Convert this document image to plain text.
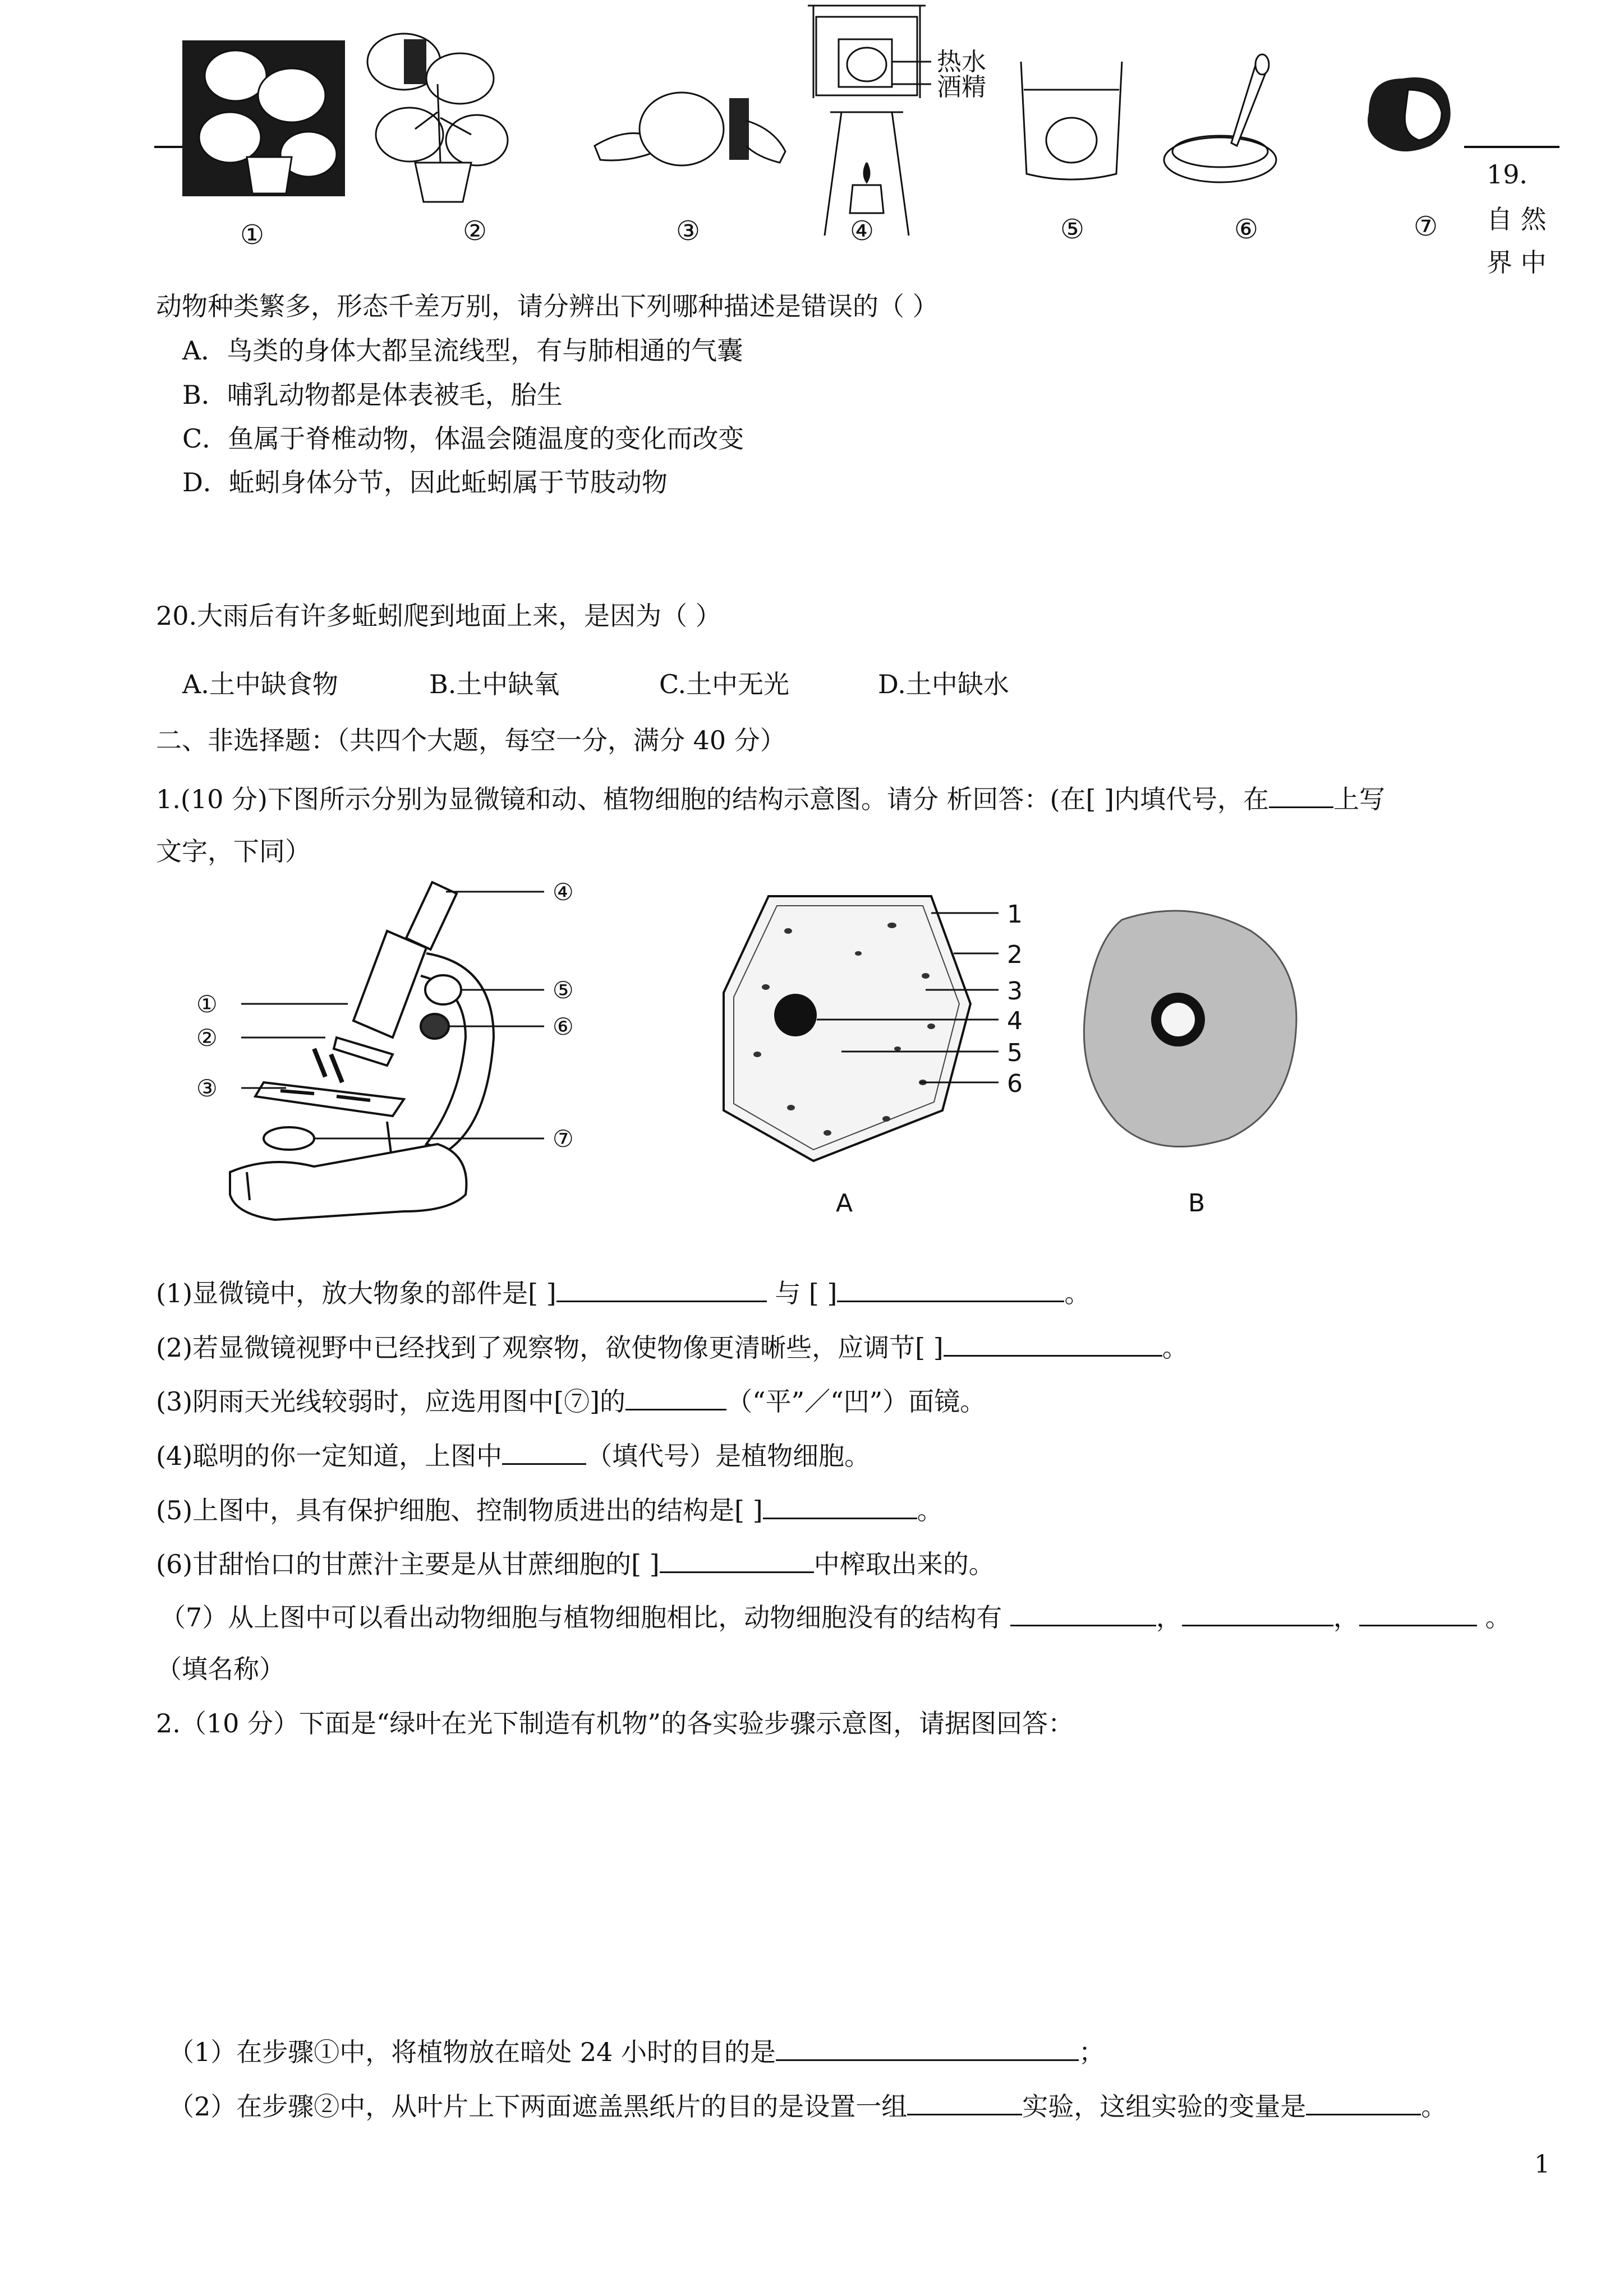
热水
酒精
①	②	③	④	⑤	⑥	⑦
19．
自 然
界 中
动物种类繁多，形态千差万别，请分辨出下列哪种描述是错误的（ ）
A．鸟类的身体大都呈流线型，有与肺相通的气囊
B．哺乳动物都是体表被毛，胎生
C．鱼属于脊椎动物，体温会随温度的变化而改变
D．蚯蚓身体分节，因此蚯蚓属于节肢动物
20.大雨后有许多蚯蚓爬到地面上来，是因为（ ）
A.土中缺食物	B.土中缺氧	C.土中无光	D.土中缺水
二、非选择题：（共四个大题，每空一分，满分 40 分）
1.(10 分)下图所示分别为显微镜和动、植物细胞的结构示意图。请分 析回答：(在[ ]内填代号，在	上写
文字，下同）
④
①
②
③
⑤
⑥
⑦
1
2
3
4
5
6
A	B
(1)显微镜中，放大物象的部件是[ ]	与 [ ]	。
(2)若显微镜视野中已经找到了观察物，欲使物像更清晰些，应调节[ ]	。
(3)阴雨天光线较弱时，应选用图中[⑦]的	（“平”／“凹”）面镜。
(4)聪明的你一定知道，上图中	（填代号）是植物细胞。
(5)上图中，具有保护细胞、控制物质进出的结构是[ ]	。
(6)甘甜怡口的甘蔗汁主要是从甘蔗细胞的[ ]	中榨取出来的。
（7）从上图中可以看出动物细胞与植物细胞相比，动物细胞没有的结构有	，	，	。
（填名称）
2.（10 分）下面是“绿叶在光下制造有机物”的各实验步骤示意图，请据图回答：
（1）在步骤①中，将植物放在暗处 24 小时的目的是	；
（2）在步骤②中，从叶片上下两面遮盖黑纸片的目的是设置一组	实验，这组实验的变量是	。
1
